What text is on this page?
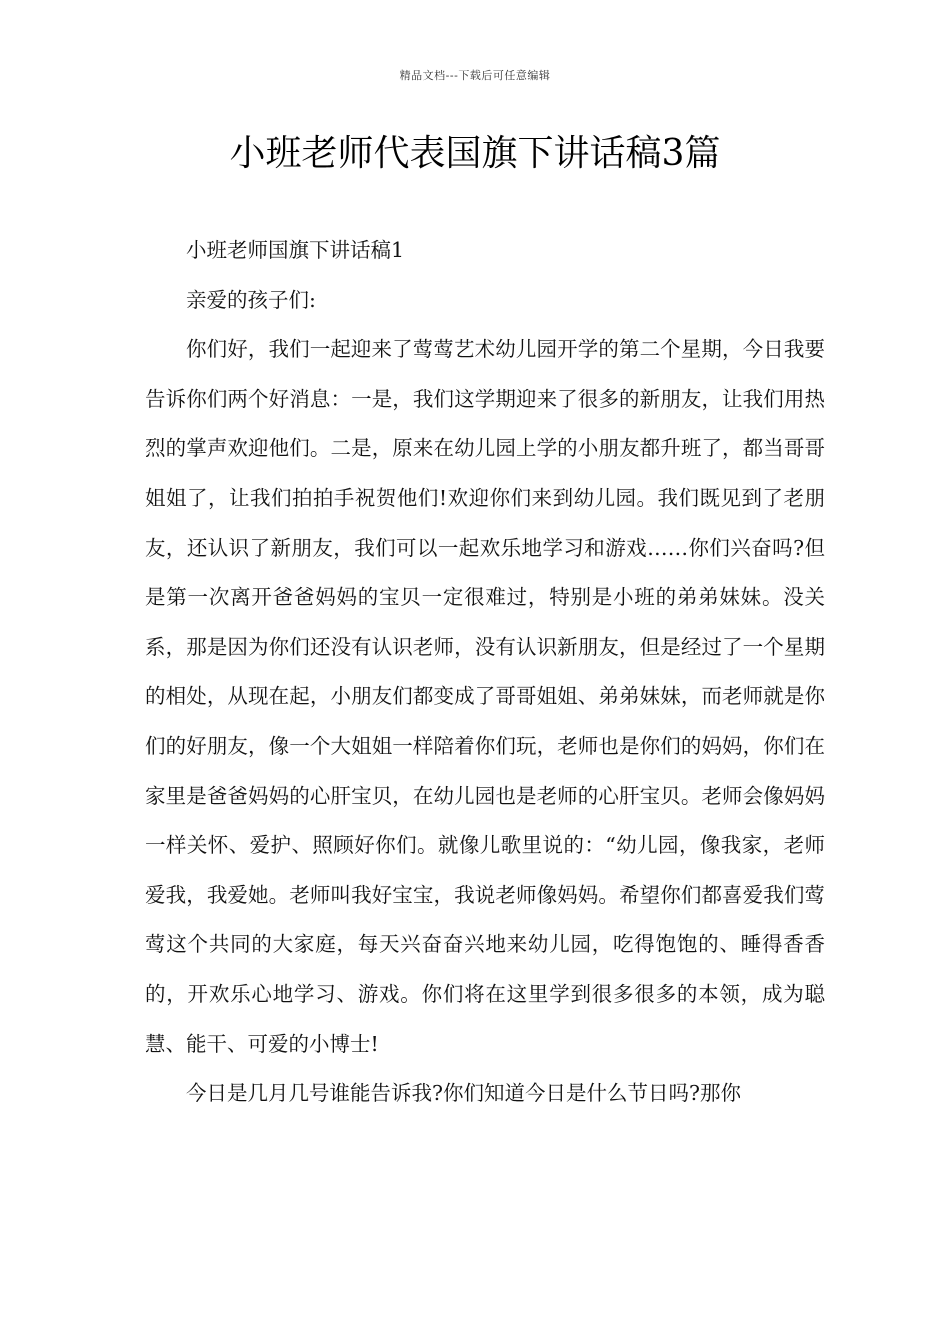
精品文档---下载后可任意编辑
小班老师代表国旗下讲话稿3篇

小班老师国旗下讲话稿1

亲爱的孩子们:

你们好，我们一起迎来了莺莺艺术幼儿园开学的第二个星期，今日我要告诉你们两个好消息：一是，我们这学期迎来了很多的新朋友，让我们用热烈的掌声欢迎他们。二是，原来在幼儿园上学的小朋友都升班了，都当哥哥姐姐了，让我们拍拍手祝贺他们!欢迎你们来到幼儿园。我们既见到了老朋友，还认识了新朋友，我们可以一起欢乐地学习和游戏……你们兴奋吗?但是第一次离开爸爸妈妈的宝贝一定很难过，特别是小班的弟弟妹妹。没关系，那是因为你们还没有认识老师，没有认识新朋友，但是经过了一个星期的相处，从现在起，小朋友们都变成了哥哥姐姐、弟弟妹妹，而老师就是你们的好朋友，像一个大姐姐一样陪着你们玩，老师也是你们的妈妈，你们在家里是爸爸妈妈的心肝宝贝，在幼儿园也是老师的心肝宝贝。老师会像妈妈一样关怀、爱护、照顾好你们。就像儿歌里说的：“幼儿园，像我家，老师爱我，我爱她。老师叫我好宝宝，我说老师像妈妈。希望你们都喜爱我们莺莺这个共同的大家庭，每天兴奋奋兴地来幼儿园，吃得饱饱的、睡得香香的，开欢乐心地学习、游戏。你们将在这里学到很多很多的本领，成为聪慧、能干、可爱的小博士!

今日是几月几号谁能告诉我?你们知道今日是什么节日吗?那你
